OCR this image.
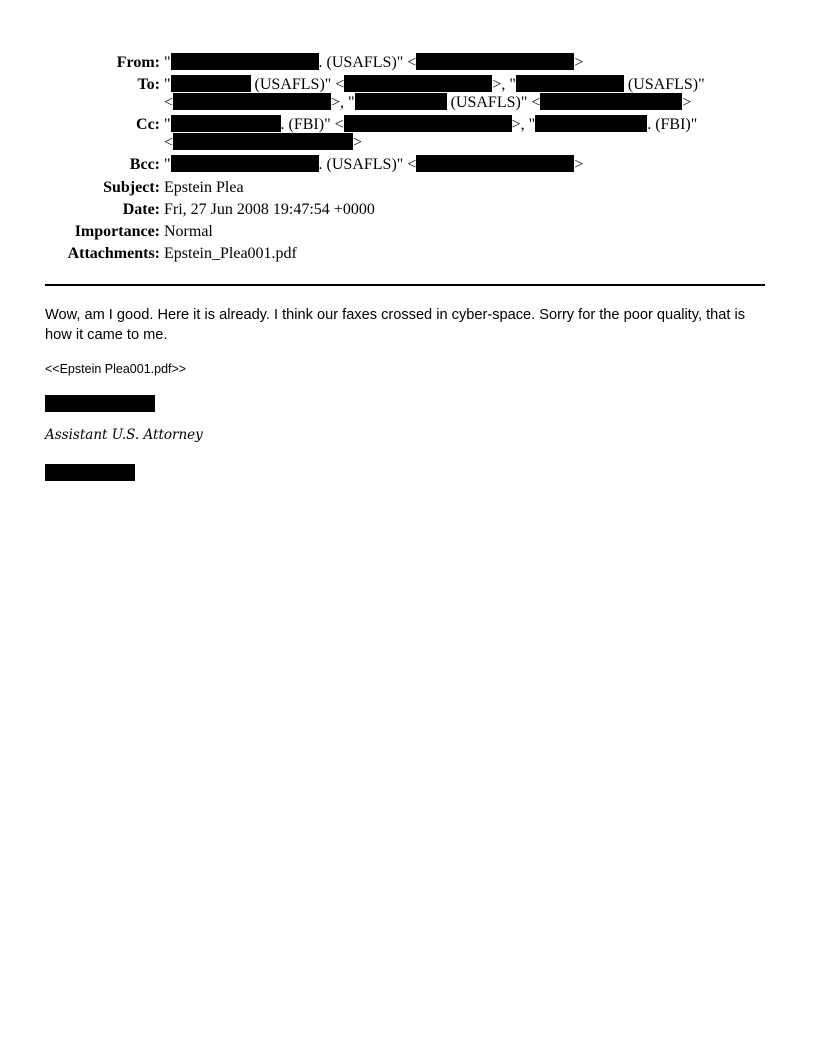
From: "	. (USAFLS)" <	>
To: "	(USAFLS)" <	>, "	(USAFLS)"
<	>, "	(USAFLS)" <	>
Cc: "	. (FBI)" <	>, "	. (FBI)"
<	>
Bcc: "	. (USAFLS)" <	>
Subject: Epstein Plea
Date: Fri, 27 Jun 2008 19:47:54 +0000
Importance: Normal
Attachments: Epstein_Plea001.pdf
Wow, am I good. Here it is already. I think our faxes crossed in cyber-space. Sorry for the poor quality, that is how it came to me.
<<Epstein Plea001.pdf>>
Assistant U.S. Attorney
